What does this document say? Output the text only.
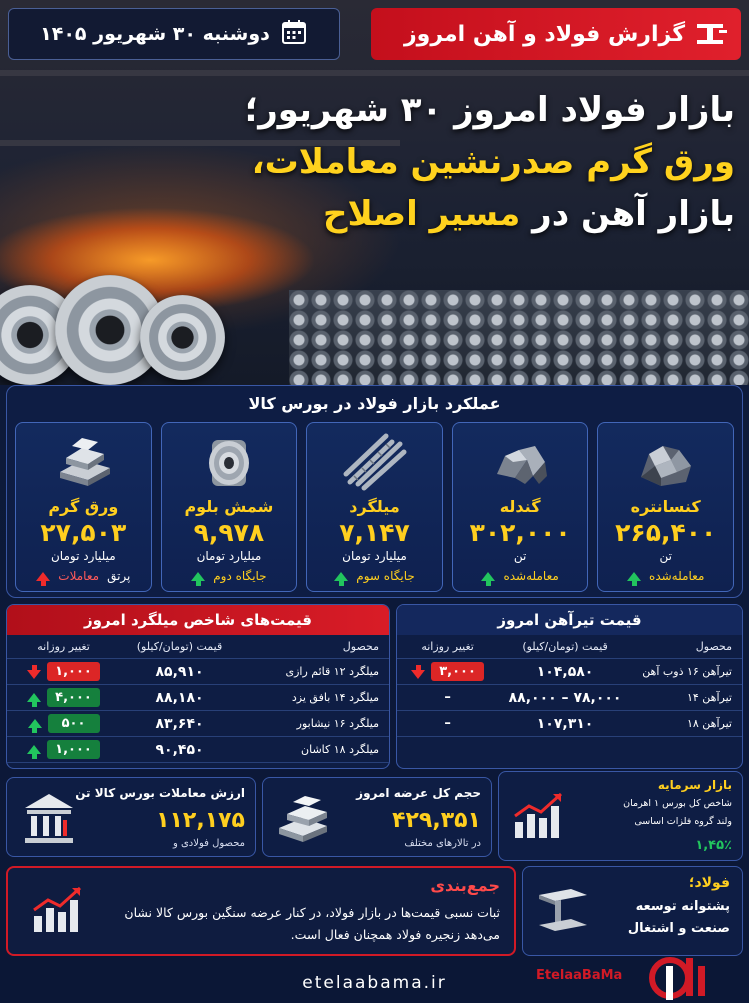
گزارش فولاد و آهن امروز
دوشنبه ۳۰ شهریور ۱۴۰۵
بازار فولاد امروز ۳۰ شهریور؛
ورق گرم صدرنشین معاملات،
بازار آهن در مسیر اصلاح
عملکرد بازار فولاد در بورس کالا
کنسانتره
۲۶۵,۴۰۰
تن
معامله‌شده
گندله
۳۰۲,۰۰۰
تن
معامله‌شده
میلگرد
۷,۱۴۷
میلیارد تومان
جایگاه سوم
شمش بلوم
۹,۹۷۸
میلیارد تومان
جایگاه دوم
ورق گرم
۲۷,۵۰۳
میلیارد تومان
پرتق
معاملات
قیمت تیرآهن امروز
محصول
قیمت (تومان/کیلو)
تغییر روزانه
تیرآهن ۱۶ ذوب آهن
۱۰۴,۵۸۰
۳,۰۰۰
تیرآهن ۱۴
۷۸,۰۰۰ – ۸۸,۰۰۰
–
تیرآهن ۱۸
۱۰۷,۳۱۰
–
قیمت‌های شاخص میلگرد امروز
محصول
قیمت (تومان/کیلو)
تغییر روزانه
میلگرد ۱۲ قائم رازی
۸۵,۹۱۰
۱,۰۰۰
میلگرد ۱۴ بافق یزد
۸۸,۱۸۰
۴,۰۰۰
میلگرد ۱۶ نیشابور
۸۳,۶۴۰
۵۰۰
میلگرد ۱۸ کاشان
۹۰,۴۵۰
۱,۰۰۰
ارزش معاملات بورس کالا تن
۱۱۲,۱۷۵
محصول فولادی و
حجم کل عرضه امروز
۴۲۹,۳۵۱
در تالارهای مختلف
بازار سرمایه
شاخص کل بورس ۱ اهرمان
ولند گروه فلزات اساسی
۱,۴۵٪
جمع‌بندی
ثبات نسبی قیمت‌ها در بازار فولاد، در کنار عرضه سنگین بورس کالا نشان می‌دهد زنجیره فولاد همچنان فعال است.
فولاد؛
پشتوانه توسعه
صنعت و اشتغال
etelaabama.ir	EtelaaBaMa
